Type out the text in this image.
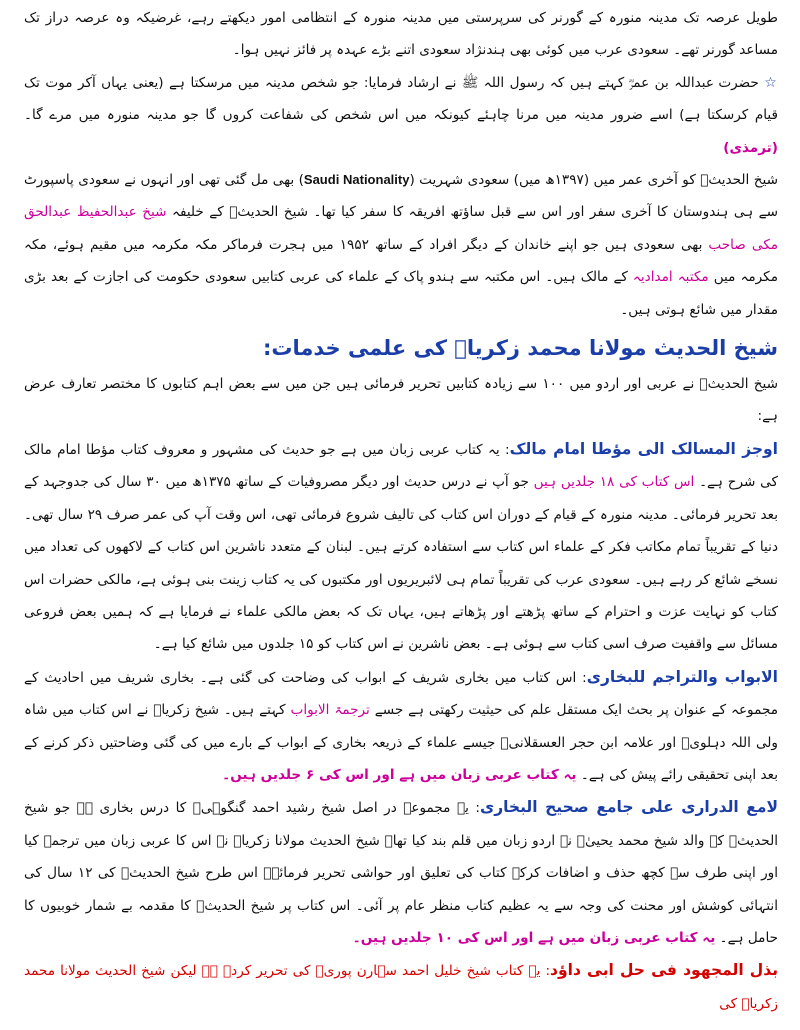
طویل عرصہ تک مدینہ منورہ کے گورنر کی سرپرستی میں مدینہ منورہ کے انتظامی امور دیکھتے رہے، غرضیکہ وہ عرصہ دراز تک مساعد گورنر تھے۔ سعودی عرب میں کوئی بھی ہندنژاد سعودی اتنے بڑے عہدہ پر فائز نہیں ہوا۔

☆ حضرت عبداللہ بن عمرؓ کہتے ہیں کہ رسول اللہ ﷺ نے ارشاد فرمایا: جو شخص مدینہ میں مرسکتا ہے (یعنی یہاں آکر موت تک قیام کرسکتا ہے) اسے ضرور مدینہ میں مرنا چاہئے کیونکہ میں اس شخص کی شفاعت کروں گا جو مدینہ منورہ میں مرے گا۔ (ترمذی)

شیخ الحدیثؒ کو آخری عمر میں (۱۳۹۷ھ میں) سعودی شہریت (Saudi Nationality) بھی مل گئی تھی اور انہوں نے سعودی پاسپورٹ سے ہی ہندوستان کا آخری سفر اور اس سے قبل ساؤتھ افریقہ کا سفر کیا تھا۔ شیخ الحدیثؒ کے خلیفہ شیخ عبدالحفیظ عبدالحق مکی صاحب بھی سعودی ہیں جو اپنے خاندان کے دیگر افراد کے ساتھ ۱۹۵۲ میں ہجرت فرماکر مکہ مکرمہ میں مقیم ہوئے، مکہ مکرمہ میں مکتبہ امدادیہ کے مالک ہیں۔ اس مکتبہ سے ہندو پاک کے علماء کی عربی کتابیں سعودی حکومت کی اجازت کے بعد بڑی مقدار میں شائع ہوتی ہیں۔

شیخ الحدیث مولانا محمد زکریاؒ کی علمی خدمات:

شیخ الحدیثؒ نے عربی اور اردو میں ۱۰۰ سے زیادہ کتابیں تحریر فرمائی ہیں جن میں سے بعض اہم کتابوں کا مختصر تعارف عرض ہے:

اوجز المسالک الی مؤطا امام مالک: یہ کتاب عربی زبان میں ہے جو حدیث کی مشہور و معروف کتاب مؤطا امام مالک کی شرح ہے۔ اس کتاب کی ۱۸ جلدیں ہیں جو آپ نے درس حدیث اور دیگر مصروفیات کے ساتھ ۱۳۷۵ھ میں ۳۰ سال کی جدوجہد کے بعد تحریر فرمائی۔ مدینہ منورہ کے قیام کے دوران اس کتاب کی تالیف شروع فرمائی تھی، اس وقت آپ کی عمر صرف ۲۹ سال تھی۔ دنیا کے تقریباً تمام مکاتب فکر کے علماء اس کتاب سے استفادہ کرتے ہیں۔ لبنان کے متعدد ناشرین اس کتاب کے لاکھوں کی تعداد میں نسخے شائع کر رہے ہیں۔ سعودی عرب کی تقریباً تمام ہی لائبریریوں اور مکتبوں کی یہ کتاب زینت بنی ہوئی ہے، مالکی حضرات اس کتاب کو نہایت عزت و احترام کے ساتھ پڑھتے اور پڑھاتے ہیں، یہاں تک کہ بعض مالکی علماء نے فرمایا ہے کہ ہمیں بعض فروعی مسائل سے واقفیت صرف اسی کتاب سے ہوئی ہے۔ بعض ناشرین نے اس کتاب کو ۱۵ جلدوں میں شائع کیا ہے۔

الابواب والتراجم للبخاری: اس کتاب میں بخاری شریف کے ابواب کی وضاحت کی گئی ہے۔ بخاری شریف میں احادیث کے مجموعہ کے عنوان پر بحث ایک مستقل علم کی حیثیت رکھتی ہے جسے ترجمۃ الابواب کہتے ہیں۔ شیخ زکریاؒ نے اس کتاب میں شاہ ولی اللہ دہلویؒ اور علامہ ابن حجر العسقلانیؒ جیسے علماء کے ذریعہ بخاری کے ابواب کے بارے میں کی گئی وضاحتیں ذکر کرنے کے بعد اپنی تحقیقی رائے پیش کی ہے۔ یہ کتاب عربی زبان میں ہے اور اس کی ۶ جلدیں ہیں۔

لامع الدراری علی جامع صحیح البخاری: یہ مجموعہ در اصل شیخ رشید احمد گنگوہیؒ کا درس بخاری ہے جو شیخ الحدیثؒ کے والد شیخ محمد یحییٰؒ نے اردو زبان میں قلم بند کیا تھا۔ شیخ الحدیث مولانا زکریاؒ نے اس کا عربی زبان میں ترجمہ کیا اور اپنی طرف سے کچھ حذف و اضافات کرکے کتاب کی تعلیق اور حواشی تحریر فرمائے۔ اس طرح شیخ الحدیثؒ کی ۱۲ سال کی انتہائی کوشش اور محنت کی وجہ سے یہ عظیم کتاب منظر عام پر آئی۔ اس کتاب پر شیخ الحدیثؒ کا مقدمہ بے شمار خوبیوں کا حامل ہے۔ یہ کتاب عربی زبان میں ہے اور اس کی ۱۰ جلدیں ہیں۔

بذل المجھود فی حل ابی داؤد: یہ کتاب شیخ خلیل احمد سہارن پوریؒ کی تحریر کردہ ہے لیکن شیخ الحدیث مولانا محمد زکریاؒ کی
